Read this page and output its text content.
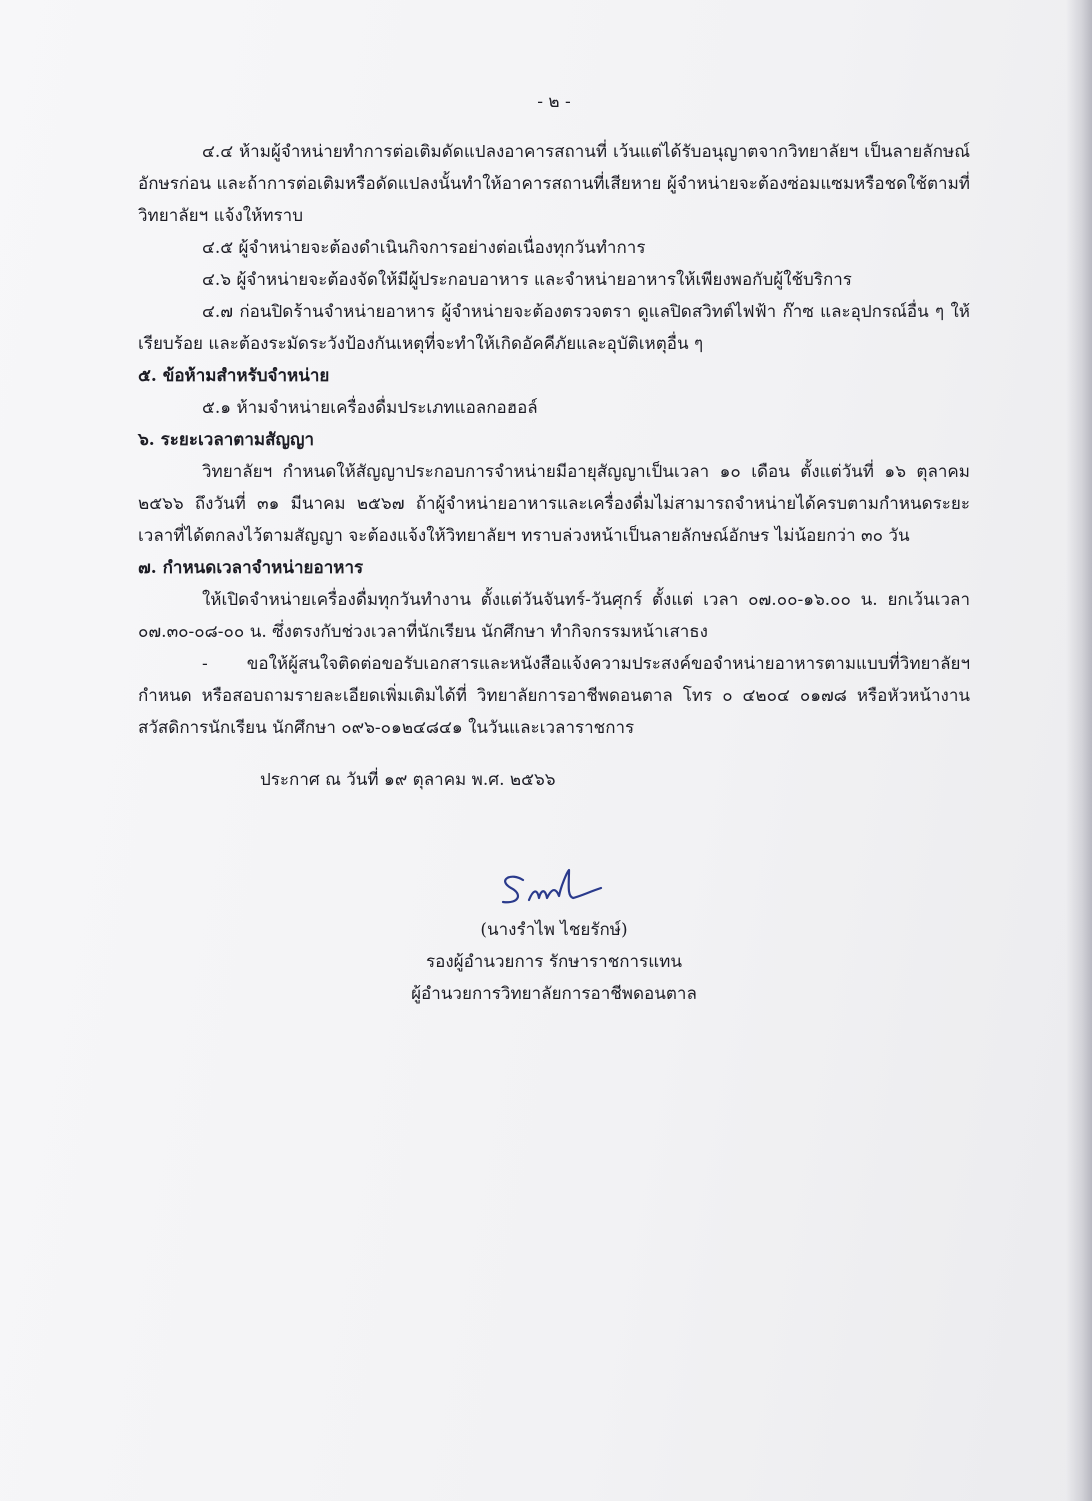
- ๒ -

๔.๔ ห้ามผู้จำหน่ายทำการต่อเติมดัดแปลงอาคารสถานที่ เว้นแต่ได้รับอนุญาตจากวิทยาลัยฯ เป็นลายลักษณ์อักษรก่อน และถ้าการต่อเติมหรือดัดแปลงนั้นทำให้อาคารสถานที่เสียหาย ผู้จำหน่ายจะต้องซ่อมแซมหรือชดใช้ตามที่วิทยาลัยฯ แจ้งให้ทราบ

๔.๕ ผู้จำหน่ายจะต้องดำเนินกิจการอย่างต่อเนื่องทุกวันทำการ

๔.๖ ผู้จำหน่ายจะต้องจัดให้มีผู้ประกอบอาหาร และจำหน่ายอาหารให้เพียงพอกับผู้ใช้บริการ

๔.๗ ก่อนปิดร้านจำหน่ายอาหาร ผู้จำหน่ายจะต้องตรวจตรา ดูแลปิดสวิทต์ไฟฟ้า ก๊าซ และอุปกรณ์อื่น ๆ ให้เรียบร้อย และต้องระมัดระวังป้องกันเหตุที่จะทำให้เกิดอัคคีภัยและอุบัติเหตุอื่น ๆ

๕. ข้อห้ามสำหรับจำหน่าย

๕.๑ ห้ามจำหน่ายเครื่องดื่มประเภทแอลกอฮอล์

๖. ระยะเวลาตามสัญญา

วิทยาลัยฯ กำหนดให้สัญญาประกอบการจำหน่ายมีอายุสัญญาเป็นเวลา ๑๐ เดือน ตั้งแต่วันที่ ๑๖ ตุลาคม ๒๕๖๖ ถึงวันที่ ๓๑ มีนาคม ๒๕๖๗ ถ้าผู้จำหน่ายอาหารและเครื่องดื่มไม่สามารถจำหน่ายได้ครบตามกำหนดระยะเวลาที่ได้ตกลงไว้ตามสัญญา จะต้องแจ้งให้วิทยาลัยฯ ทราบล่วงหน้าเป็นลายลักษณ์อักษร ไม่น้อยกว่า ๓๐ วัน

๗. กำหนดเวลาจำหน่ายอาหาร

ให้เปิดจำหน่ายเครื่องดื่มทุกวันทำงาน ตั้งแต่วันจันทร์-วันศุกร์ ตั้งแต่ เวลา ๐๗.๐๐-๑๖.๐๐ น. ยกเว้นเวลา ๐๗.๓๐-๐๘-๐๐ น. ซึ่งตรงกับช่วงเวลาที่นักเรียน นักศึกษา ทำกิจกรรมหน้าเสาธง

- ขอให้ผู้สนใจติดต่อขอรับเอกสารและหนังสือแจ้งความประสงค์ขอจำหน่ายอาหารตามแบบที่วิทยาลัยฯ กำหนด หรือสอบถามรายละเอียดเพิ่มเติมได้ที่ วิทยาลัยการอาชีพดอนตาล โทร ๐ ๔๒๐๔ ๐๑๗๘ หรือหัวหน้างานสวัสดิการนักเรียน นักศึกษา ๐๙๖-๐๑๒๔๘๔๑ ในวันและเวลาราชการ

ประกาศ ณ วันที่ ๑๙ ตุลาคม พ.ศ. ๒๕๖๖

(นางรำไพ ไชยรักษ์)

รองผู้อำนวยการ รักษาราชการแทน

ผู้อำนวยการวิทยาลัยการอาชีพดอนตาล
